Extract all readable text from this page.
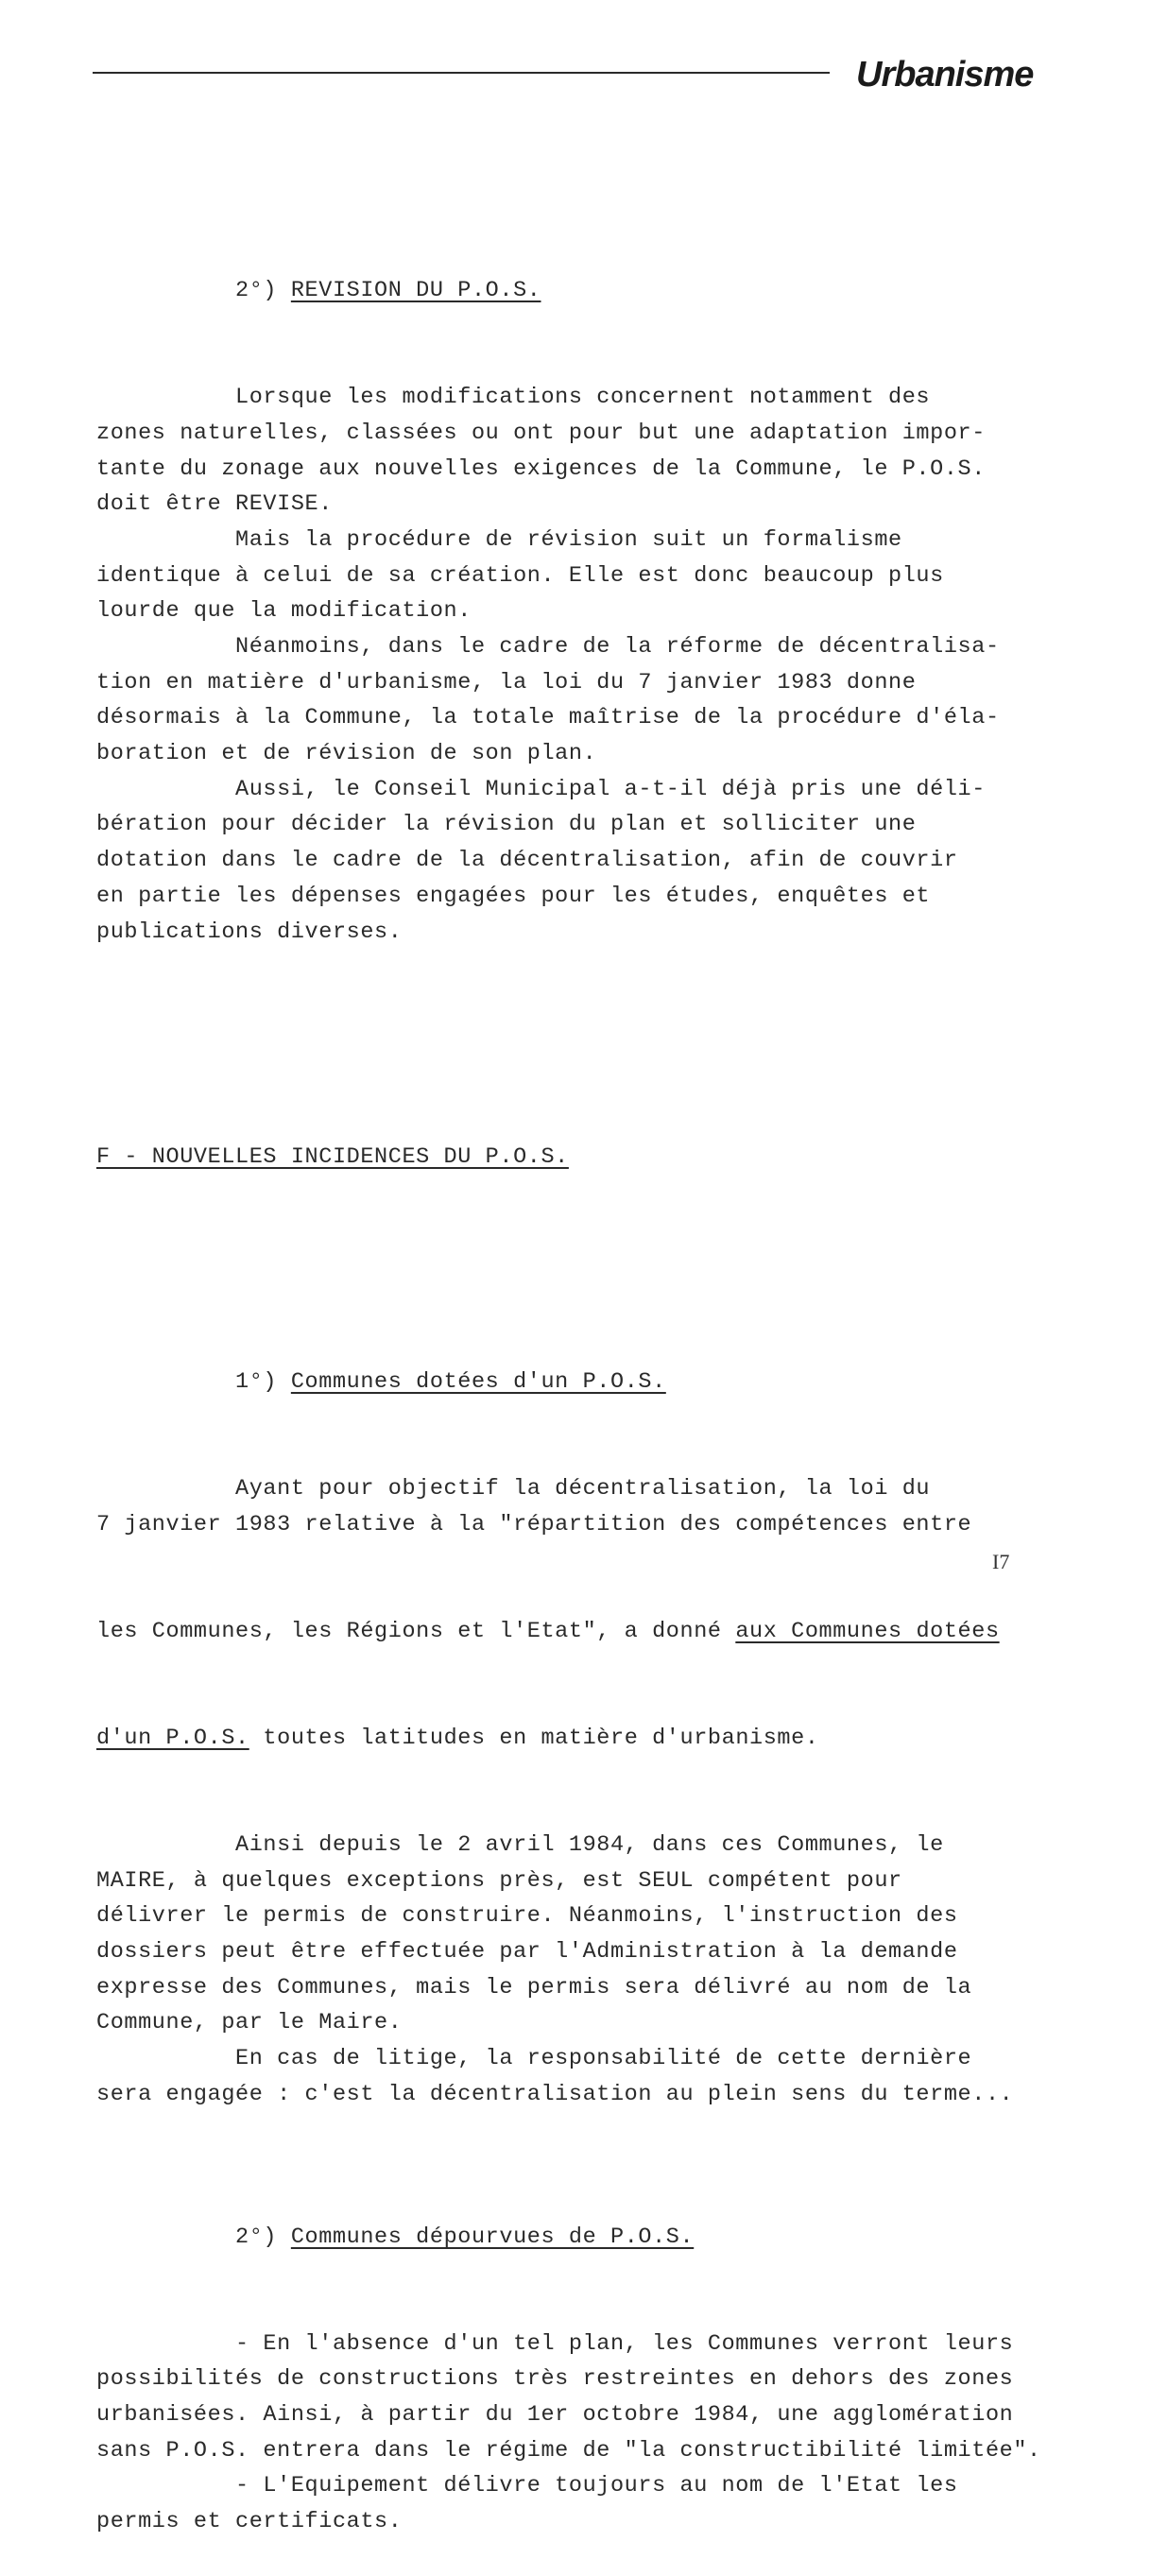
Urbanisme

2°) REVISION DU P.O.S.

Lorsque les modifications concernent notamment des
zones naturelles, classées ou ont pour but une adaptation impor-
tante du zonage aux nouvelles exigences de la Commune, le P.O.S.
doit être REVISE.
Mais la procédure de révision suit un formalisme
identique à celui de sa création. Elle est donc beaucoup plus
lourde que la modification.
Néanmoins, dans le cadre de la réforme de décentralisa-
tion en matière d'urbanisme, la loi du 7 janvier 1983 donne
désormais à la Commune, la totale maîtrise de la procédure d'éla-
boration et de révision de son plan.
Aussi, le Conseil Municipal a-t-il déjà pris une déli-
bération pour décider la révision du plan et solliciter une
dotation dans le cadre de la décentralisation, afin de couvrir
en partie les dépenses engagées pour les études, enquêtes et
publications diverses.

F - NOUVELLES INCIDENCES DU P.O.S.

1°) Communes dotées d'un P.O.S.

Ayant pour objectif la décentralisation, la loi du
7 janvier 1983 relative à la "répartition des compétences entre

les Communes, les Régions et l'Etat", a donné aux Communes dotées

d'un P.O.S. toutes latitudes en matière d'urbanisme.

Ainsi depuis le 2 avril 1984, dans ces Communes, le
MAIRE, à quelques exceptions près, est SEUL compétent pour
délivrer le permis de construire. Néanmoins, l'instruction des
dossiers peut être effectuée par l'Administration à la demande
expresse des Communes, mais le permis sera délivré au nom de la
Commune, par le Maire.
En cas de litige, la responsabilité de cette dernière
sera engagée : c'est la décentralisation au plein sens du terme...

2°) Communes dépourvues de P.O.S.

- En l'absence d'un tel plan, les Communes verront leurs
possibilités de constructions très restreintes en dehors des zones
urbanisées. Ainsi, à partir du 1er octobre 1984, une agglomération
sans P.O.S. entrera dans le régime de "la constructibilité limitée".
- L'Equipement délivre toujours au nom de l'Etat les
permis et certificats.

I7
